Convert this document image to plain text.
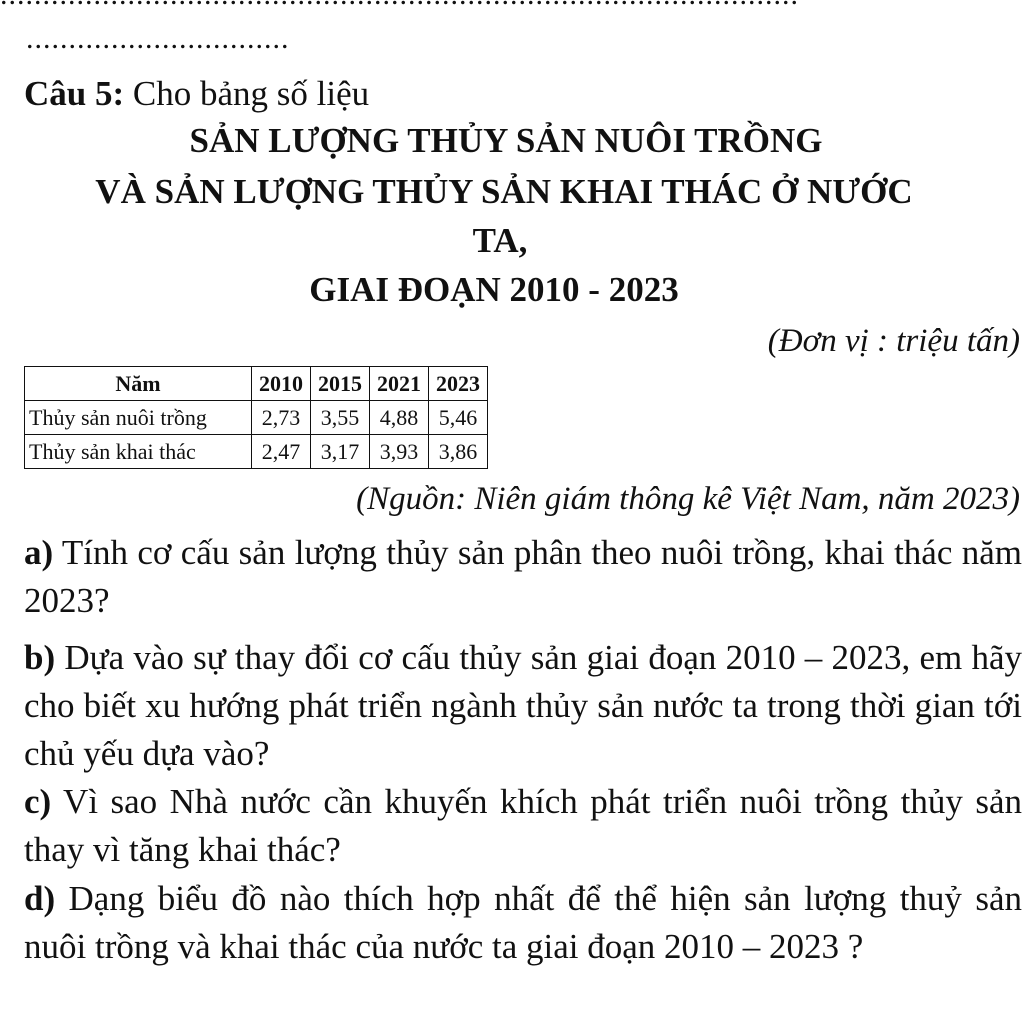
...............................
Câu 5: Cho bảng số liệu
SẢN LƯỢNG THỦY SẢN NUÔI TRỒNG
VÀ SẢN LƯỢNG THỦY SẢN KHAI THÁC Ở NƯỚC
TA,
GIAI ĐOẠN 2010 - 2023
(Đơn vị : triệu tấn)
Năm	2010	2015	2021	2023
Thủy sản nuôi trồng	2,73	3,55	4,88	5,46
Thủy sản khai thác	2,47	3,17	3,93	3,86
(Nguồn: Niên giám thông kê Việt Nam, năm 2023)
a) Tính cơ cấu sản lượng thủy sản phân theo nuôi trồng, khai thác năm 2023?
b) Dựa vào sự thay đổi cơ cấu thủy sản giai đoạn 2010 – 2023, em hãy cho biết xu hướng phát triển ngành thủy sản nước ta trong thời gian tới chủ yếu dựa vào?
c) Vì sao Nhà nước cần khuyến khích phát triển nuôi trồng thủy sản thay vì tăng khai thác?
d) Dạng biểu đồ nào thích hợp nhất để thể hiện sản lượng thuỷ sản nuôi trồng và khai thác của nước ta giai đoạn 2010 – 2023 ?
